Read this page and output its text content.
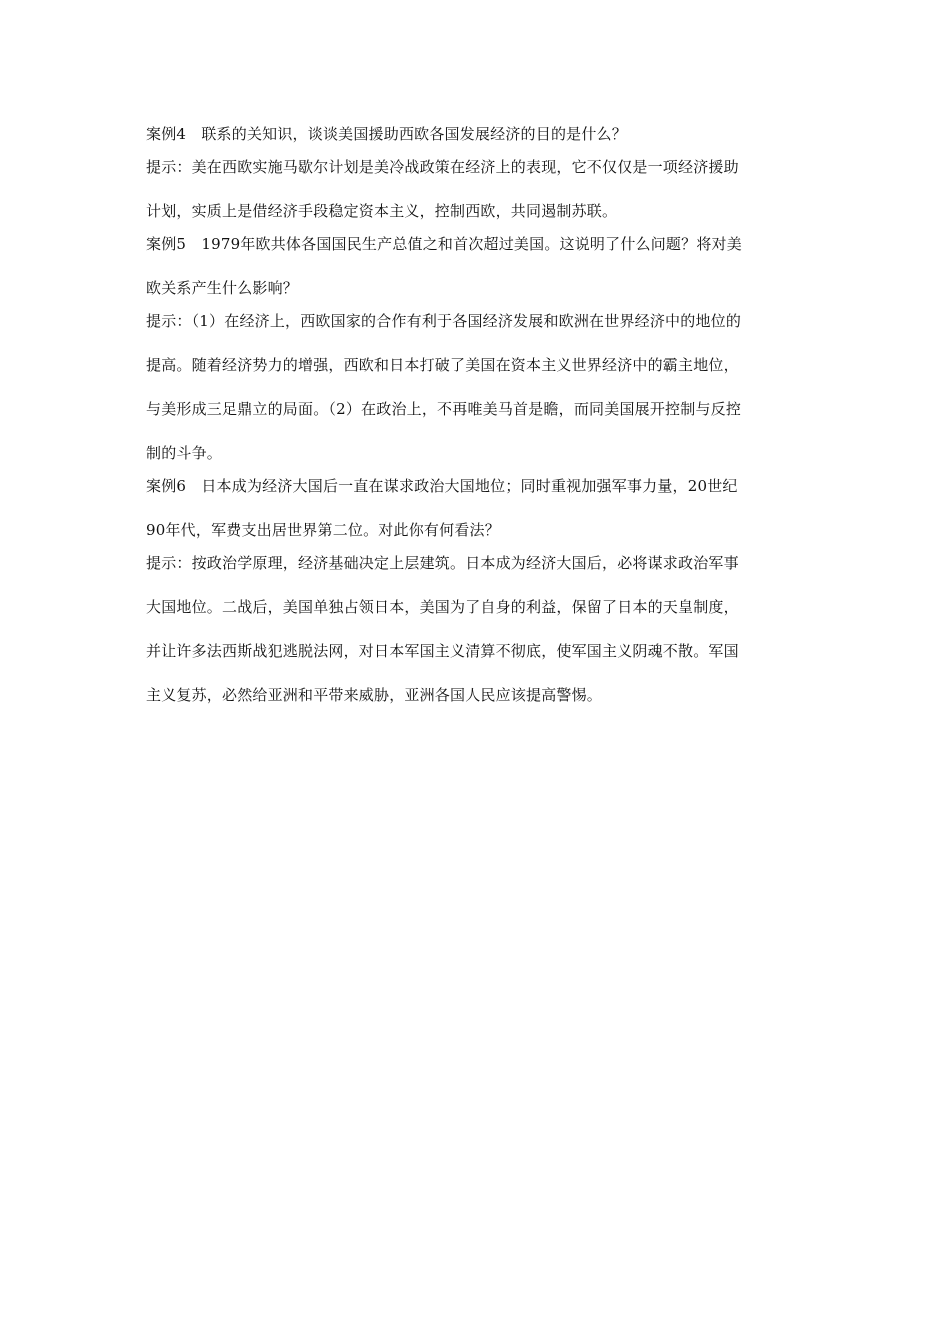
案例4　联系的关知识，谈谈美国援助西欧各国发展经济的目的是什么？
提示：美在西欧实施马歇尔计划是美冷战政策在经济上的表现，它不仅仅是一项经济援助
计划，实质上是借经济手段稳定资本主义，控制西欧，共同遏制苏联。
案例5　1979年欧共体各国国民生产总值之和首次超过美国。这说明了什么问题？将对美
欧关系产生什么影响？
提示：（1）在经济上，西欧国家的合作有利于各国经济发展和欧洲在世界经济中的地位的
提高。随着经济势力的增强，西欧和日本打破了美国在资本主义世界经济中的霸主地位，
与美形成三足鼎立的局面。（2）在政治上，不再唯美马首是瞻，而同美国展开控制与反控
制的斗争。
案例6　日本成为经济大国后一直在谋求政治大国地位；同时重视加强军事力量，20世纪
90年代，军费支出居世界第二位。对此你有何看法？
提示：按政治学原理，经济基础决定上层建筑。日本成为经济大国后，必将谋求政治军事
大国地位。二战后，美国单独占领日本，美国为了自身的利益，保留了日本的天皇制度，
并让许多法西斯战犯逃脱法网，对日本军国主义清算不彻底，使军国主义阴魂不散。军国
主义复苏，必然给亚洲和平带来威胁，亚洲各国人民应该提高警惕。
